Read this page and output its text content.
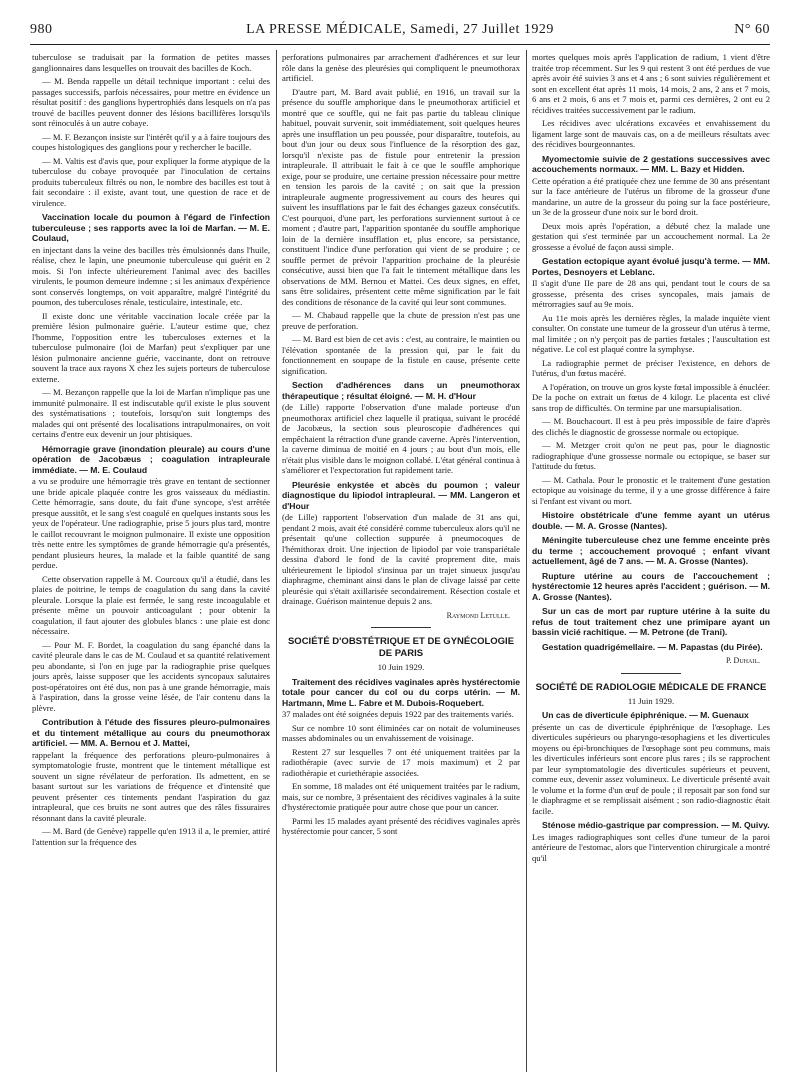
980	LA PRESSE MÉDICALE, Samedi, 27 Juillet 1929	N° 60

tuberculose se traduisait par la formation de petites masses ganglionnaires dans lesquelles on trouvait des bacilles de Koch.

— M. Benda rappelle un détail technique important : celui des passages successifs, parfois nécessaires, pour mettre en évidence un résultat positif : des ganglions hypertrophiés dans lesquels on n'a pas trouvé de bacilles peuvent donner des lésions bacillifères lorsqu'ils sont réinoculés à un autre cobaye.

— M. F. Bezançon insiste sur l'intérêt qu'il y a à faire toujours des coupes histologiques des ganglions pour y rechercher le bacille.

— M. Valtis est d'avis que, pour expliquer la forme atypique de la tuberculose du cobaye provoquée par l'inoculation de certains produits tuberculeux filtrés ou non, le nombre des bacilles est tout à fait secondaire : il existe, avant tout, une question de race et de virulence.

Vaccination locale du poumon à l'égard de l'infection tuberculeuse ; ses rapports avec la loi de Marfan. — M. E. Coulaud,

en injectant dans la veine des bacilles très émulsionnés dans l'huile, réalise, chez le lapin, une pneumonie tuberculeuse qui guérit en 2 mois. Si l'on infecte ultérieurement l'animal avec des bacilles virulents, le poumon demeure indemne ; si les animaux d'expérience sont conservés longtemps, on voit apparaître, malgré l'intégrité du poumon, des tuberculoses rénale, testiculaire, intestinale, etc.

Il existe donc une véritable vaccination locale créée par la première lésion pulmonaire guérie. L'auteur estime que, chez l'homme, l'opposition entre les tuberculoses externes et la tuberculose pulmonaire (loi de Marfan) peut s'expliquer par une lésion pulmonaire ancienne guérie, vaccinante, dont on retrouve souvent la trace aux rayons X chez les sujets porteurs de tuberculose externe.

— M. Bezançon rappelle que la loi de Marfan n'implique pas une immunité pulmonaire. Il est indiscutable qu'il existe le plus souvent des systématisations ; toutefois, lorsqu'on suit longtemps des malades qui ont présenté des localisations intrapulmonaires, on voit certains d'entre eux devenir un jour phtisiques.

Hémorragie grave (inondation pleurale) au cours d'une opération de Jacobæus ; coagulation intrapleurale immédiate. — M. E. Coulaud

a vu se produire une hémorragie très grave en tentant de sectionner une bride apicale plaquée contre les gros vaisseaux du médiastin. Cette hémorragie, sans doute, du fait d'une syncope, s'est arrêtée presque aussitôt, et le sang s'est coagulé en quelques instants sous les yeux de l'opérateur. Une radiographie, prise 5 jours plus tard, montre le caillot recouvrant le moignon pulmonaire. Il existe une opposition très nette entre les symptômes de grande hémorragie qu'a présentés, pendant plusieurs heures, la malade et la faible quantité de sang perdue.

Cette observation rappelle à M. Courcoux qu'il a étudié, dans les plaies de poitrine, le temps de coagulation du sang dans la cavité pleurale. Lorsque la plaie est fermée, le sang reste incoagulable et présente même un pouvoir anticoagulant ; pour obtenir la coagulation, il faut ajouter des globules blancs : une plaie est donc nécessaire.

— Pour M. F. Bordet, la coagulation du sang épanché dans la cavité pleurale dans le cas de M. Coulaud et sa quantité relativement peu abondante, si l'on en juge par la radiographie prise quelques jours après, laisse supposer que les accidents syncopaux salutaires post-opératoires ont été dus, non pas à une grande hémorragie, mais à l'aspiration, dans la grosse veine lésée, de l'air contenu dans la plèvre.

Contribution à l'étude des fissures pleuro-pulmonaires et du tintement métallique au cours du pneumothorax artificiel. — MM. A. Bernou et J. Mattei,

rappelant la fréquence des perforations pleuro-pulmonaires à symptomatologie fruste, montrent que le tintement métallique est souvent un signe révélateur de perforation. Ils admettent, en se basant surtout sur les variations de fréquence et d'intensité que peuvent présenter ces tintements pendant l'aspiration du gaz intrapleural, que ces bruits ne sont autres que des râles fissuraires résonnant dans la cavité pleurale.

— M. Bard (de Genève) rappelle qu'en 1913 il a, le premier, attiré l'attention sur la fréquence des

perforations pulmonaires par arrachement d'adhérences et sur leur rôle dans la genèse des pleurésies qui compliquent le pneumothorax artificiel.

D'autre part, M. Bard avait publié, en 1916, un travail sur la présence du souffle amphorique dans le pneumothorax artificiel et montré que ce souffle, qui ne fait pas partie du tableau clinique habituel, pouvait survenir, soit immédiatement, soit quelques heures après une insufflation un peu poussée, pour disparaître, toutefois, au bout d'un jour ou deux sous l'influence de la résorption des gaz, lorsqu'il n'existe pas de fistule pour entretenir la pression intrapleurale. Il attribuait le fait à ce que le souffle amphorique exige, pour se produire, une certaine pression nécessaire pour mettre en tension les parois de la cavité ; on sait que la pression intrapleurale augmente progressivement au cours des heures qui suivent les insufflations par le fait des échanges gazeux consécutifs. C'est pourquoi, d'une part, les perforations surviennent surtout à ce moment ; d'autre part, l'apparition spontanée du souffle amphorique loin de la dernière insufflation et, plus encore, sa persistance, constituent l'indice d'une perforation qui vient de se produire ; ce souffle permet de prévoir l'apparition prochaine de la pleurésie consécutive, aussi bien que l'a fait le tintement métallique dans les observations de MM. Bernou et Mattei. Ces deux signes, en effet, sans être solidaires, présentent cette même signification par le fait des conditions de résonance de la cavité qui leur sont communes.

— M. Chabaud rappelle que la chute de pression n'est pas une preuve de perforation.

— M. Bard est bien de cet avis : c'est, au contraire, le maintien ou l'élévation spontanée de la pression qui, par le fait du fonctionnement en soupape de la fistule en cause, présente cette signification.

Section d'adhérences dans un pneumothorax thérapeutique ; résultat éloigné. — M. H. d'Hour

(de Lille) rapporte l'observation d'une malade porteuse d'un pneumothorax artificiel chez laquelle il pratiqua, suivant le procédé de Jacobæus, la section sous pleuroscopie d'adhérences qui empêchaient la rétraction d'une grande caverne. Après l'intervention, la caverne diminua de moitié en 4 jours ; au bout d'un mois, elle n'était plus visible dans le moignon collabé. L'état général continua à s'améliorer et l'expectoration fut rapidement tarie.

Pleurésie enkystée et abcès du poumon ; valeur diagnostique du lipiodol intrapleural. — MM. Langeron et d'Hour

(de Lille) rapportent l'observation d'un malade de 31 ans qui, pendant 2 mois, avait été considéré comme tuberculeux alors qu'il ne présentait qu'une collection suppurée à pneumocoques de l'hémithorax droit. Une injection de lipiodol par voie transpariétale dessina d'abord le fond de la cavité proprement dite, mais ultérieurement le lipiodol s'insinua par un trajet sinueux jusqu'au diaphragme, cheminant ainsi dans le plan de clivage laissé par cette pleurésie qui s'était axillarisée secondairement. Résection costale et drainage. Guérison maintenue depuis 2 ans.

Raymond Letulle.

SOCIÉTÉ D'OBSTÉTRIQUE ET DE GYNÉCOLOGIE DE PARIS

10 Juin 1929.

Traitement des récidives vaginales après hystérectomie totale pour cancer du col ou du corps utérin. — M. Hartmann, Mme L. Fabre et M. Dubois-Roquebert.

37 malades ont été soignées depuis 1922 par des traitements variés.

Sur ce nombre 10 sont éliminées car on notait de volumineuses masses abdominales ou un envahissement de voisinage.

Restent 27 sur lesquelles 7 ont été uniquement traitées par la radiothérapie (avec survie de 17 mois maximum) et 2 par radiothérapie et curiethérapie associées.

En somme, 18 malades ont été uniquement traitées par le radium, mais, sur ce nombre, 3 présentaient des récidives vaginales à la suite d'hystérectomie pratiquée pour autre chose que pour un cancer.

Parmi les 15 malades ayant présenté des récidives vaginales après hystérectomie pour cancer, 5 sont

mortes quelques mois après l'application de radium, 1 vient d'être traitée trop récemment. Sur les 9 qui restent 3 ont été perdues de vue après avoir été suivies 3 ans et 4 ans ; 6 sont suivies régulièrement et sont en excellent état après 11 mois, 14 mois, 2 ans, 2 ans et 7 mois, 6 ans et 2 mois, 6 ans et 7 mois et, parmi ces dernières, 2 ont eu 2 récidives traitées successivement par le radium.

Les récidives avec ulcérations excavées et envahissement du ligament large sont de mauvais cas, on a de meilleurs résultats avec des récidives bourgeonnantes.

Myomectomie suivie de 2 gestations successives avec accouchements normaux. — MM. L. Bazy et Hidden.

Cette opération a été pratiquée chez une femme de 30 ans présentant sur la face antérieure de l'utérus un fibrome de la grosseur d'une mandarine, un autre de la grosseur du poing sur la face postérieure, un 3e de la grosseur d'une noix sur le bord droit.

Deux mois après l'opération, a débuté chez la malade une gestation qui s'est terminée par un accouchement normal. La 2e grossesse a évolué de façon aussi simple.

Gestation ectopique ayant évolué jusqu'à terme. — MM. Portes, Desnoyers et Leblanc.

Il s'agit d'une IIe pare de 28 ans qui, pendant tout le cours de sa grossesse, présenta des crises syncopales, mais jamais de métrorragies sauf au 9e mois.

Au 11e mois après les dernières règles, la malade inquiète vient consulter. On constate une tumeur de la grosseur d'un utérus à terme, mal limitée ; on n'y perçoit pas de parties fœtales ; l'auscultation est négative. Le col est plaqué contre la symphyse.

La radiographie permet de préciser l'existence, en dehors de l'utérus, d'un fœtus macéré.

A l'opération, on trouve un gros kyste fœtal impossible à énucléer. De la poche on extrait un fœtus de 4 kilogr. Le placenta est clivé sans trop de difficultés. On termine par une marsupialisation.

— M. Bouchacourt. Il est à peu près impossible de faire d'après des clichés le diagnostic de grossesse normale ou ectopique.

— M. Metzger croit qu'on ne peut pas, pour le diagnostic radiographique d'une grossesse normale ou ectopique, se baser sur l'attitude du fœtus.

— M. Cathala. Pour le pronostic et le traitement d'une gestation ectopique au voisinage du terme, il y a une grosse différence à faire si l'enfant est vivant ou mort.

Histoire obstétricale d'une femme ayant un utérus double. — M. A. Grosse (Nantes).
Méningite tuberculeuse chez une femme enceinte près du terme ; accouchement provoqué ; enfant vivant actuellement, âgé de 7 ans. — M. A. Grosse (Nantes).
Rupture utérine au cours de l'accouchement ; hystérectomie 12 heures après l'accident ; guérison. — M. A. Grosse (Nantes).
Sur un cas de mort par rupture utérine à la suite du refus de tout traitement chez une primipare ayant un bassin vicié rachitique. — M. Petrone (de Trani).
Gestation quadrigémellaire. — M. Papastas (du Pirée).

P. Duhail.

SOCIÉTÉ DE RADIOLOGIE MÉDICALE DE FRANCE

11 Juin 1929.

Un cas de diverticule épiphrénique. — M. Guenaux

présente un cas de diverticule épiphrénique de l'œsophage. Les diverticules supérieurs ou pharyngo-œsophagiens et les diverticules moyens ou épi-bronchiques de l'œsophage sont peu communs, mais les diverticules inférieurs sont encore plus rares ; ils se rapprochent par leur symptomatologie des diverticules supérieurs et peuvent, comme eux, devenir assez volumineux. Le diverticule présenté avait le volume et la forme d'un œuf de poule ; il reposait par son fond sur le diaphragme et se remplissait aisément ; son radio-diagnostic était facile.

Sténose médio-gastrique par compression. — M. Quivy.

Les images radiographiques sont celles d'une tumeur de la paroi antérieure de l'estomac, alors que l'intervention chirurgicale a montré qu'il
